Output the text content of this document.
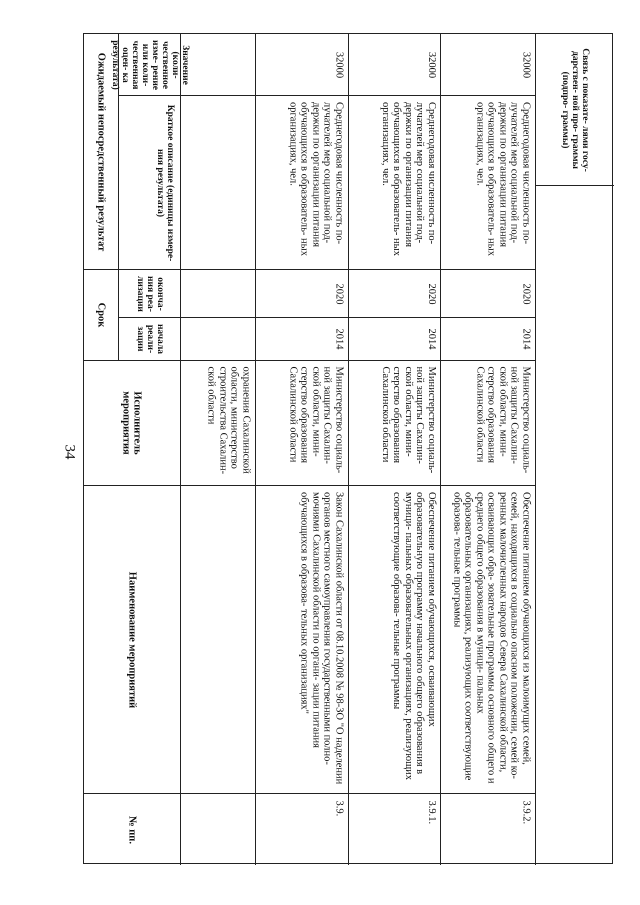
34
Связь с показате- лями госу- дарствен- ной про- граммы (подпро- граммы)
№ пп.
Наименование мероприятий
Исполнитель мероприятия
Срок
начала реали- зации
оконча- ния реа- лизации
Ожидаемый непосредственный результат	Краткое описание (единицы измере- ния результата)
Значение (коли- чественное изме- рение или коли- чественная оцен- ка результата)
охранения Сахалинской области, министерство строительства Сахалин- ской области
3.9.
Закон Сахалинской области от 08.10.2008 № 98-ЗО "О наделении органов местного самоуправления государственными полно- мочиями Сахалинской области по органи- зации питания обучающихся в образова- тельных организациях"
Министерство социаль- ной защиты Сахалин- ской области, мини- стерство образования Сахалинской области
2014
2020
Среднегодовая численность по- лучателей мер социальной под- держки по организации питания обучающихся в образователь- ных организациях, чел.
32000
3.9.1.
Обеспечение питанием обучающихся, осваивающих образовательную программу начального общего образования в муници- пальных образовательных организациях, реализующих соответствующие образова- тельные программы
Министерство социаль- ной защиты Сахалин- ской области, мини- стерство образования Сахалинской области
2014
2020
Среднегодовая численность по- лучателей мер социальной под- держки по организации питания обучающихся в образователь- ных организациях, чел.
32000
3.9.2.
Обеспечение питанием обучающихся из малоимущих семей, семей, находящихся в социально опасном положении, семей ко- ренных малочисленных народов Севера Сахалинской области, осваивающих обра- зовательные программы основного общего и среднего общего образования в муници- пальных образовательных организациях, реализующих соответствующие образова- тельные программы
Министерство социаль- ной защиты Сахалин- ской области, мини- стерство образования Сахалинской области
2014
2020
Среднегодовая численность по- лучателей мер социальной под- держки по организации питания обучающихся в образователь- ных организациях, чел.
32000
